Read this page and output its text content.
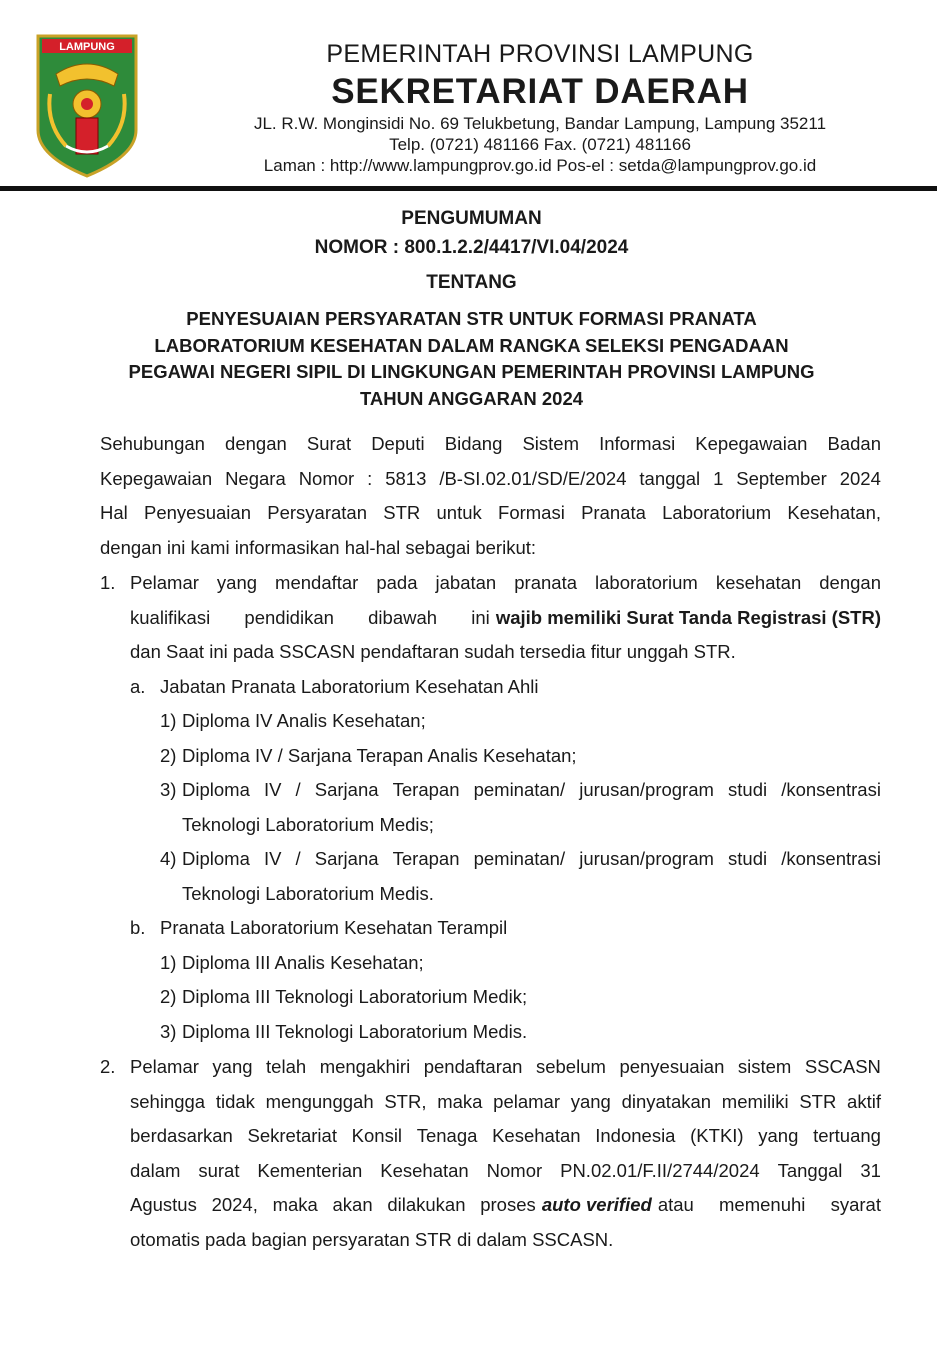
LAMPUNG	PEMERINTAH PROVINSI LAMPUNG
SEKRETARIAT DAERAH
JL. R.W. Monginsidi No. 69 Telukbetung, Bandar Lampung, Lampung 35211
Telp. (0721) 481166 Fax. (0721) 481166
Laman : http://www.lampungprov.go.id Pos-el : setda@lampungprov.go.id
PENGUMUMAN
NOMOR : 800.1.2.2/4417/VI.04/2024
TENTANG
PENYESUAIAN PERSYARATAN STR UNTUK FORMASI PRANATA
LABORATORIUM KESEHATAN DALAM RANGKA SELEKSI PENGADAAN
PEGAWAI NEGERI SIPIL DI LINGKUNGAN PEMERINTAH PROVINSI LAMPUNG
TAHUN ANGGARAN 2024
Sehubungan dengan Surat Deputi Bidang Sistem Informasi Kepegawaian Badan
Kepegawaian Negara Nomor : 5813 /B-SI.02.01/SD/E/2024 tanggal 1 September 2024
Hal Penyesuaian Persyaratan STR untuk Formasi Pranata Laboratorium Kesehatan,
dengan ini kami informasikan hal-hal sebagai berikut:
1. Pelamar yang mendaftar pada jabatan pranata laboratorium kesehatan dengan
kualifikasi pendidikan dibawah ini wajib memiliki Surat Tanda Registrasi (STR)
dan Saat ini pada SSCASN pendaftaran sudah tersedia fitur unggah STR.
a. Jabatan Pranata Laboratorium Kesehatan Ahli
1) Diploma IV Analis Kesehatan;
2) Diploma IV / Sarjana Terapan Analis Kesehatan;
3) Diploma IV / Sarjana Terapan peminatan/ jurusan/program studi /konsentrasi
Teknologi Laboratorium Medis;
4) Diploma IV / Sarjana Terapan peminatan/ jurusan/program studi /konsentrasi
Teknologi Laboratorium Medis.
b. Pranata Laboratorium Kesehatan Terampil
1) Diploma III Analis Kesehatan;
2) Diploma III Teknologi Laboratorium Medik;
3) Diploma III Teknologi Laboratorium Medis.
2. Pelamar yang telah mengakhiri pendaftaran sebelum penyesuaian sistem SSCASN
sehingga tidak mengunggah STR, maka pelamar yang dinyatakan memiliki STR aktif
berdasarkan Sekretariat Konsil Tenaga Kesehatan Indonesia (KTKI) yang tertuang
dalam surat Kementerian Kesehatan Nomor PN.02.01/F.II/2744/2024 Tanggal 31
Agustus 2024, maka akan dilakukan proses auto verified atau memenuhi syarat
otomatis pada bagian persyaratan STR di dalam SSCASN.
